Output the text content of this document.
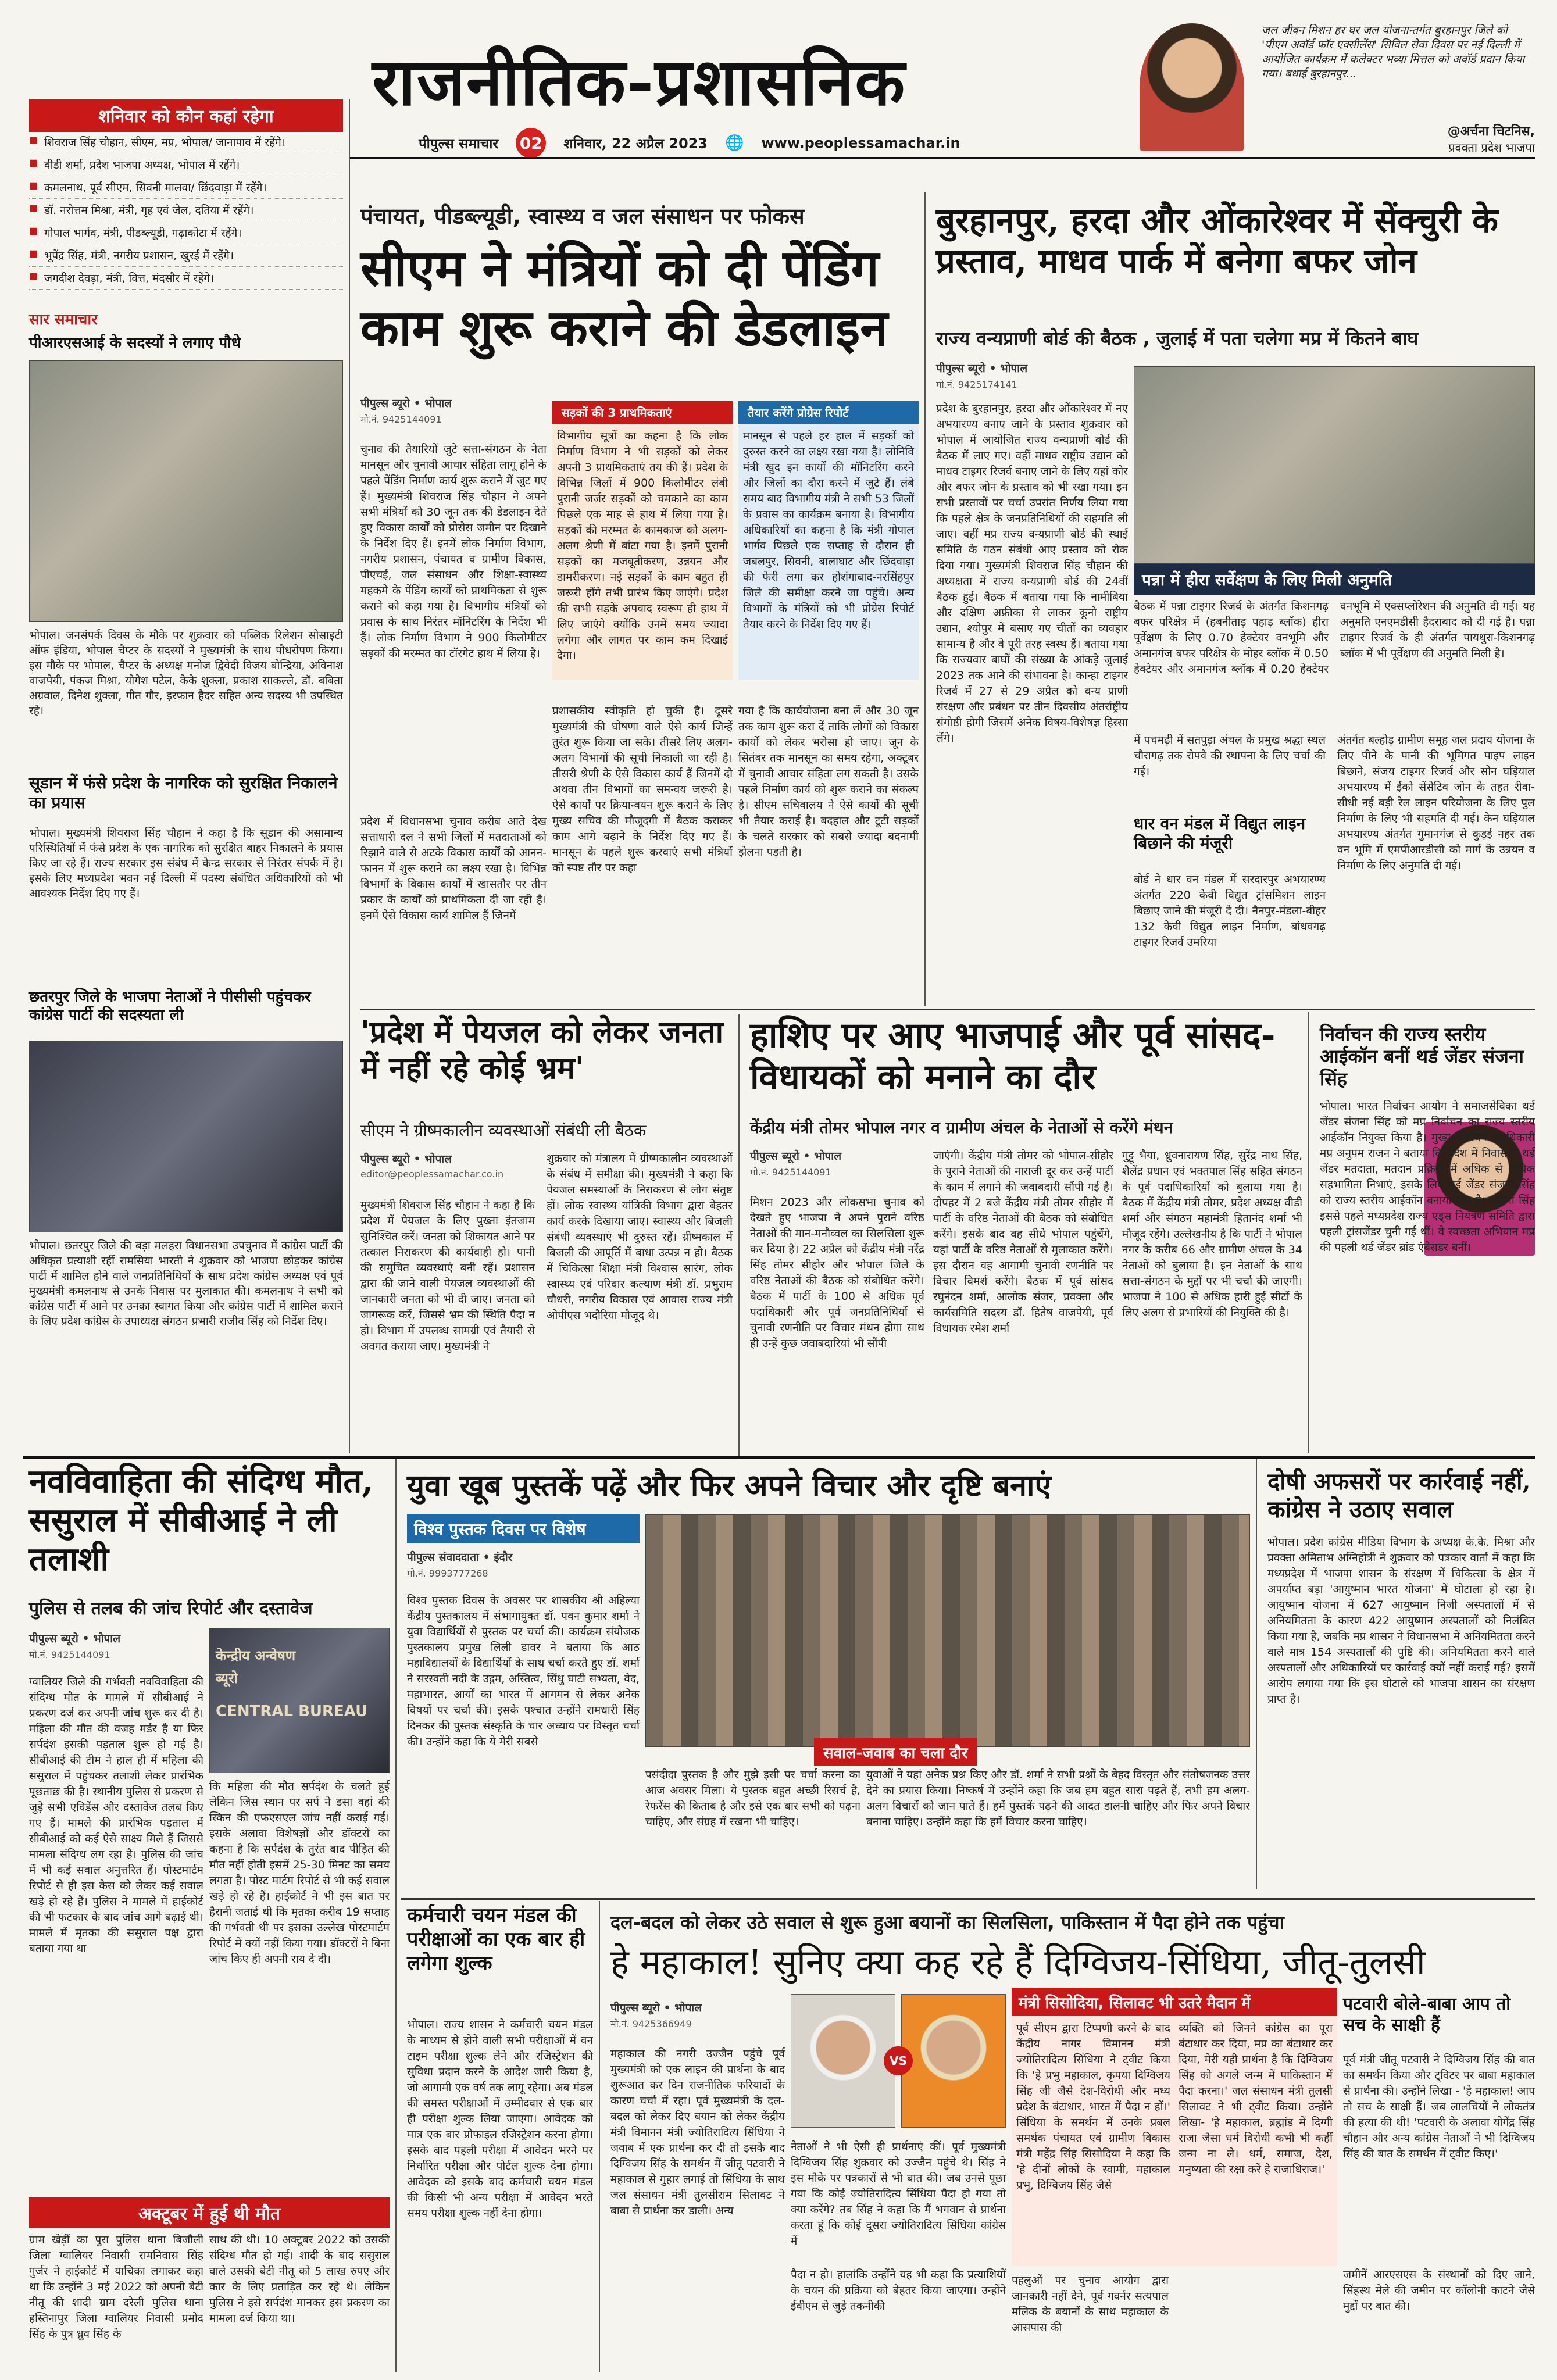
शनिवार को कौन कहां रहेगा	राजनीतिक-प्रशासनिक
पीपुल्स समाचार 02 शनिवार, 22 अप्रैल 2023 🌐 www.peoplessamachar.in
जल जीवन मिशन हर घर जल योजनान्तर्गत बुरहानपुर जिले को 'पीएम अवॉर्ड फॉर एक्सीलेंस' सिविल सेवा दिवस पर नई दिल्ली में आयोजित कार्यक्रम में कलेक्टर भव्या मित्तल को अवॉर्ड प्रदान किया गया। बधाई बुरहानपुर...
@अर्चना चिटनिस,
प्रवक्ता प्रदेश भाजपा
■ शिवराज सिंह चौहान, सीएम, मप्र, भोपाल/ जानापाव में रहेंगे।
■ वीडी शर्मा, प्रदेश भाजपा अध्यक्ष, भोपाल में रहेंगे।
■ कमलनाथ, पूर्व सीएम, सिवनी मालवा/ छिंदवाड़ा में रहेंगे।
■ डॉ. नरोत्तम मिश्रा, मंत्री, गृह एवं जेल, दतिया में रहेंगे।
■ गोपाल भार्गव, मंत्री, पीडब्ल्यूडी, गढ़ाकोटा में रहेंगे।
■ भूपेंद्र सिंह, मंत्री, नगरीय प्रशासन, खुरई में रहेंगे।
■ जगदीश देवड़ा, मंत्री, वित्त, मंदसौर में रहेंगे।
सार समाचार
पीआरएसआई के सदस्यों ने लगाए पौधे
भोपाल। जनसंपर्क दिवस के मौके पर शुक्रवार को पब्लिक रिलेशन सोसाइटी ऑफ इंडिया, भोपाल चैप्टर के सदस्यों ने मुख्यमंत्री के साथ पौधरोपण किया। इस मौके पर भोपाल, चैप्टर के अध्यक्ष मनोज द्विवेदी विजय बोन्द्रिया, अविनाश वाजपेयी, पंकज मिश्रा, योगेश पटेल, केके शुक्ला, प्रकाश साकल्ले, डॉ. बबिता अग्रवाल, दिनेश शुक्ला, गीत गौर, इरफान हैदर सहित अन्य सदस्य भी उपस्थित रहे।
सूडान में फंसे प्रदेश के नागरिक को सुरक्षित निकालने का प्रयास
भोपाल। मुख्यमंत्री शिवराज सिंह चौहान ने कहा है कि सूडान की असामान्य परिस्थितियों में फंसे प्रदेश के एक नागरिक को सुरक्षित बाहर निकालने के प्रयास किए जा रहे हैं। राज्य सरकार इस संबंध में केन्द्र सरकार से निरंतर संपर्क में है। इसके लिए मध्यप्रदेश भवन नई दिल्ली में पदस्थ संबंधित अधिकारियों को भी आवश्यक निर्देश दिए गए हैं।
छतरपुर जिले के भाजपा नेताओं ने पीसीसी पहुंचकर कांग्रेस पार्टी की सदस्यता ली
भोपाल। छतरपुर जिले की बड़ा मलहरा विधानसभा उपचुनाव में कांग्रेस पार्टी की अधिकृत प्रत्याशी रहीं रामसिया भारती ने शुक्रवार को भाजपा छोड़कर कांग्रेस पार्टी में शामिल होने वाले जनप्रतिनिधियों के साथ प्रदेश कांग्रेस अध्यक्ष एवं पूर्व मुख्यमंत्री कमलनाथ से उनके निवास पर मुलाकात की। कमलनाथ ने सभी को कांग्रेस पार्टी में आने पर उनका स्वागत किया और कांग्रेस पार्टी में शामिल कराने के लिए प्रदेश कांग्रेस के उपाध्यक्ष संगठन प्रभारी राजीव सिंह को निर्देश दिए।
पंचायत, पीडब्ल्यूडी, स्वास्थ्य व जल संसाधन पर फोकस
सीएम ने मंत्रियों को दी पेंडिंग काम शुरू कराने की डेडलाइन
पीपुल्स ब्यूरो • भोपाल
मो.नं. 9425144091
चुनाव की तैयारियों जुटे सत्ता-संगठन के नेता मानसून और चुनावी आचार संहिता लागू होने के पहले पेंडिंग निर्माण कार्य शुरू कराने में जुट गए हैं। मुख्यमंत्री शिवराज सिंह चौहान ने अपने सभी मंत्रियों को 30 जून तक की डेडलाइन देते हुए विकास कार्यों को प्रोसेस जमीन पर दिखाने के निर्देश दिए हैं। इनमें लोक निर्माण विभाग, नगरीय प्रशासन, पंचायत व ग्रामीण विकास, पीएचई, जल संसाधन और शिक्षा-स्वास्थ्य महकमे के पेंडिंग कार्यों को प्राथमिकता से शुरू कराने को कहा गया है। विभागीय मंत्रियों को प्रवास के साथ निरंतर मॉनिटरिंग के निर्देश भी हैं। लोक निर्माण विभाग ने 900 किलोमीटर सड़कों की मरम्मत का टॉरगेट हाथ में लिया है।
प्रदेश में विधानसभा चुनाव करीब आते देख सत्ताधारी दल ने सभी जिलों में मतदाताओं को रिझाने वाले से अटके विकास कार्यों को आनन-फानन में शुरू कराने का लक्ष्य रखा है। विभिन्न विभागों के विकास कार्यों में खासतौर पर तीन प्रकार के कार्यों को प्राथमिकता दी जा रही है। इनमें ऐसे विकास कार्य शामिल हैं जिनमें
सड़कों की 3 प्राथमिकताएं
विभागीय सूत्रों का कहना है कि लोक निर्माण विभाग ने भी सड़कों को लेकर अपनी 3 प्राथमिकताएं तय की हैं। प्रदेश के विभिन्न जिलों में 900 किलोमीटर लंबी पुरानी जर्जर सड़कों को चमकाने का काम पिछले एक माह से हाथ में लिया गया है। सड़कों की मरम्मत के कामकाज को अलग-अलग श्रेणी में बांटा गया है। इनमें पुरानी सड़कों का मजबूतीकरण, उन्नयन और डामरीकरण। नई सड़कों के काम बहुत ही जरूरी होंगे तभी प्रारंभ किए जाएंगे। प्रदेश की सभी सड़कें अपवाद स्वरूप ही हाथ में लिए जाएंगे क्योंकि उनमें समय ज्यादा लगेगा और लागत पर काम कम दिखाई देगा।
तैयार करेंगे प्रोग्रेस रिपोर्ट
मानसून से पहले हर हाल में सड़कों को दुरुस्त करने का लक्ष्य रखा गया है। लोनिवि मंत्री खुद इन कार्यों की मॉनिटरिंग करने और जिलों का दौरा करने में जुटे हैं। लंबे समय बाद विभागीय मंत्री ने सभी 53 जिलों के प्रवास का कार्यक्रम बनाया है। विभागीय अधिकारियों का कहना है कि मंत्री गोपाल भार्गव पिछले एक सप्ताह से दौरान ही जबलपुर, सिवनी, बालाघाट और छिंदवाड़ा की फेरी लगा कर होशंगाबाद-नरसिंहपुर जिले की समीक्षा करने जा पहुंचे। अन्य विभागों के मंत्रियों को भी प्रोग्रेस रिपोर्ट तैयार करने के निर्देश दिए गए हैं।
प्रशासकीय स्वीकृति हो चुकी है। दूसरे मुख्यमंत्री की घोषणा वाले ऐसे कार्य जिन्हें तुरंत शुरू किया जा सके। तीसरे लिए अलग-अलग विभागों की सूची निकाली जा रही है। तीसरी श्रेणी के ऐसे विकास कार्य हैं जिनमें दो अथवा तीन विभागों का समन्वय जरूरी है। ऐसे कार्यों पर क्रियान्वयन शुरू कराने के लिए मुख्य सचिव की मौजूदगी में बैठक कराकर काम आगे बढ़ाने के निर्देश दिए गए हैं। मानसून के पहले शुरू करवाएं सभी मंत्रियों को स्पष्ट तौर पर कहा
गया है कि कार्ययोजना बना लें और 30 जून तक काम शुरू करा दें ताकि लोगों को विकास कार्यों को लेकर भरोसा हो जाए। जून के सितंबर तक मानसून का समय रहेगा, अक्टूबर में चुनावी आचार संहिता लग सकती है। उसके पहले निर्माण कार्य को शुरू कराने का संकल्प है। सीएम सचिवालय ने ऐसे कार्यों की सूची भी तैयार कराई है। बदहाल और टूटी सड़कों के चलते सरकार को सबसे ज्यादा बदनामी झेलना पड़ती है।
बुरहानपुर, हरदा और ओंकारेश्वर में सेंक्चुरी के प्रस्ताव, माधव पार्क में बनेगा बफर जोन
राज्य वन्यप्राणी बोर्ड की बैठक , जुलाई में पता चलेगा मप्र में कितने बाघ
पीपुल्स ब्यूरो • भोपाल
मो.नं. 9425174141
प्रदेश के बुरहानपुर, हरदा और ओंकारेश्वर में नए अभयारण्य बनाए जाने के प्रस्ताव शुक्रवार को भोपाल में आयोजित राज्य वन्यप्राणी बोर्ड की बैठक में लाए गए। वहीं माधव राष्ट्रीय उद्यान को माधव टाइगर रिजर्व बनाए जाने के लिए यहां कोर और बफर जोन के प्रस्ताव को भी रखा गया। इन सभी प्रस्तावों पर चर्चा उपरांत निर्णय लिया गया कि पहले क्षेत्र के जनप्रतिनिधियों की सहमति ली जाए। वहीं मप्र राज्य वन्यप्राणी बोर्ड की स्थाई समिति के गठन संबंधी आए प्रस्ताव को रोक दिया गया। मुख्यमंत्री शिवराज सिंह चौहान की अध्यक्षता में राज्य वन्यप्राणी बोर्ड की 24वीं बैठक हुई। बैठक में बताया गया कि नामीबिया और दक्षिण अफ्रीका से लाकर कूनो राष्ट्रीय उद्यान, श्योपुर में बसाए गए चीतों का व्यवहार सामान्य है और वे पूरी तरह स्वस्थ हैं। बताया गया कि राज्यवार बाघों की संख्या के आंकड़े जुलाई 2023 तक आने की संभावना है। कान्हा टाइगर रिजर्व में 27 से 29 अप्रैल को वन्य प्राणी संरक्षण और प्रबंधन पर तीन दिवसीय अंतर्राष्ट्रीय संगोष्ठी होगी जिसमें अनेक विषय-विशेषज्ञ हिस्सा लेंगे।
पन्ना में हीरा सर्वेक्षण के लिए मिली अनुमति
बैठक में पन्ना टाइगर रिजर्व के अंतर्गत किशनगढ़ बफर परिक्षेत्र में (हबनीताड़ पहाड़ ब्लॉक) हीरा पूर्वेक्षण के लिए 0.70 हेक्टेयर वनभूमि और अमानगंज बफर परिक्षेत्र के मोहर ब्लॉक में 0.50 हेक्टेयर और अमानगंज ब्लॉक में 0.20 हेक्टेयर वनभूमि में एक्सप्लोरेशन की अनुमति दी गई। यह अनुमति एनएमडीसी हैदराबाद को दी गई है। पन्ना टाइगर रिजर्व के ही अंतर्गत पायथुरा-किशनगढ़ ब्लॉक में भी पूर्वेक्षण की अनुमति मिली है।
में पचमढ़ी में सतपुड़ा अंचल के प्रमुख श्रद्धा स्थल चौरागढ़ तक रोपवे की स्थापना के लिए चर्चा की गई।
धार वन मंडल में विद्युत लाइन बिछाने की मंजूरी
बोर्ड ने धार वन मंडल में सरदारपुर अभयारण्य अंतर्गत 220 केवी विद्युत ट्रांसमिशन लाइन बिछाए जाने की मंजूरी दे दी। नैनपुर-मंडला-बीहर 132 केवी विद्युत लाइन निर्माण, बांधवगढ़ टाइगर रिजर्व उमरिया
अंतर्गत बल्होड़ ग्रामीण समूह जल प्रदाय योजना के लिए पीने के पानी की भूमिगत पाइप लाइन बिछाने, संजय टाइगर रिजर्व और सोन घड़ियाल अभयारण्य में ईको सेंसेटिव जोन के तहत रीवा-सीधी नई बड़ी रेल लाइन परियोजना के लिए पुल निर्माण के लिए भी सहमति दी गई। केन घड़ियाल अभयारण्य अंतर्गत गुमानगंज से कुड़ई नहर तक वन भूमि में एमपीआरडीसी को मार्ग के उन्नयन व निर्माण के लिए अनुमति दी गई।
'प्रदेश में पेयजल को लेकर जनता में नहीं रहे कोई भ्रम'
सीएम ने ग्रीष्मकालीन व्यवस्थाओं संबंधी ली बैठक
पीपुल्स ब्यूरो • भोपाल
editor@peoplessamachar.co.in
मुख्यमंत्री शिवराज सिंह चौहान ने कहा है कि प्रदेश में पेयजल के लिए पुख्ता इंतजाम सुनिश्चित करें। जनता को शिकायत आने पर तत्काल निराकरण की कार्यवाही हो। पानी की समुचित व्यवस्थाएं बनी रहें। प्रशासन द्वारा की जाने वाली पेयजल व्यवस्थाओं की जानकारी जनता को भी दी जाए। जनता को जागरूक करें, जिससे भ्रम की स्थिति पैदा न हो। विभाग में उपलब्ध सामग्री एवं तैयारी से अवगत कराया जाए। मुख्यमंत्री ने
शुक्रवार को मंत्रालय में ग्रीष्मकालीन व्यवस्थाओं के संबंध में समीक्षा की। मुख्यमंत्री ने कहा कि पेयजल समस्याओं के निराकरण से लोग संतुष्ट हों। लोक स्वास्थ्य यांत्रिकी विभाग द्वारा बेहतर कार्य करके दिखाया जाए। स्वास्थ्य और बिजली संबंधी व्यवस्थाएं भी दुरुस्त रहें। ग्रीष्मकाल में बिजली की आपूर्ति में बाधा उत्पन्न न हो। बैठक में चिकित्सा शिक्षा मंत्री विश्वास सारंग, लोक स्वास्थ्य एवं परिवार कल्याण मंत्री डॉ. प्रभुराम चौधरी, नगरीय विकास एवं आवास राज्य मंत्री ओपीएस भदौरिया मौजूद थे।
हाशिए पर आए भाजपाई और पूर्व सांसद-विधायकों को मनाने का दौर
केंद्रीय मंत्री तोमर भोपाल नगर व ग्रामीण अंचल के नेताओं से करेंगे मंथन
पीपुल्स ब्यूरो • भोपाल
मो.नं. 9425144091
मिशन 2023 और लोकसभा चुनाव को देखते हुए भाजपा ने अपने पुराने वरिष्ठ नेताओं की मान-मनौव्वल का सिलसिला शुरू कर दिया है। 22 अप्रैल को केंद्रीय मंत्री नरेंद्र सिंह तोमर सीहोर और भोपाल जिले के वरिष्ठ नेताओं की बैठक को संबोधित करेंगे। बैठक में पार्टी के 100 से अधिक पूर्व पदाधिकारी और पूर्व जनप्रतिनिधियों से चुनावी रणनीति पर विचार मंथन होगा साथ ही उन्हें कुछ जवाबदारियां भी सौंपी
जाएंगी। केंद्रीय मंत्री तोमर को भोपाल-सीहोर के पुराने नेताओं की नाराजी दूर कर उन्हें पार्टी के काम में लगाने की जवाबदारी सौंपी गई है। दोपहर में 2 बजे केंद्रीय मंत्री तोमर सीहोर में पार्टी के वरिष्ठ नेताओं की बैठक को संबोधित करेंगे। इसके बाद वह सीधे भोपाल पहुंचेंगे, यहां पार्टी के वरिष्ठ नेताओं से मुलाकात करेंगे। इस दौरान वह आगामी चुनावी रणनीति पर विचार विमर्श करेंगे। बैठक में पूर्व सांसद रघुनंदन शर्मा, आलोक संजर, प्रवक्ता और कार्यसमिति सदस्य डॉ. हितेष वाजपेयी, पूर्व विधायक रमेश शर्मा
गुट्टू भैया, ध्रुवनारायण सिंह, सुरेंद्र नाथ सिंह, शैलेंद्र प्रधान एवं भक्तपाल सिंह सहित संगठन के पूर्व पदाधिकारियों को बुलाया गया है। बैठक में केंद्रीय मंत्री तोमर, प्रदेश अध्यक्ष वीडी शर्मा और संगठन महामंत्री हितानंद शर्मा भी मौजूद रहेंगे। उल्लेखनीय है कि पार्टी ने भोपाल नगर के करीब 66 और ग्रामीण अंचल के 34 नेताओं को बुलाया है। इन नेताओं के साथ सत्ता-संगठन के मुद्दों पर भी चर्चा की जाएगी। भाजपा ने 100 से अधिक हारी हुई सीटों के लिए अलग से प्रभारियों की नियुक्ति की है।
निर्वाचन की राज्य स्तरीय आईकॉन बनीं थर्ड जेंडर संजना सिंह
भोपाल। भारत निर्वाचन आयोग ने समाजसेविका थर्ड जेंडर संजना सिंह को मप्र निर्वाचन का राज्य स्तरीय आईकॉन नियुक्त किया है। मुख्य निर्वाचन पदाधिकारी मप्र अनुपम राजन ने बताया कि प्रदेश में निवासरत थर्ड जेंडर मतदाता, मतदान प्रक्रिया में अधिक से अधिक सहभागिता निभाएं, इसके लिए थर्ड जेंडर संजना सिंह को राज्य स्तरीय आईकॉन बनाया गया है। संजना सिंह इससे पहले मध्यप्रदेश राज्य एड्स नियंत्रण समिति द्वारा पहली ट्रांसजेंडर चुनी गई थीं। वे स्वच्छता अभियान मप्र की पहली थर्ड जेंडर ब्रांड एंबेसडर बनीं।
नवविवाहिता की संदिग्ध मौत, ससुराल में सीबीआई ने ली तलाशी
पुलिस से तलब की जांच रिपोर्ट और दस्तावेज
पीपुल्स ब्यूरो • भोपाल
मो.नं. 9425144091	केन्द्रीय अन्वेषण
ब्यूरो
CENTRAL BUREAU
ग्वालियर जिले की गर्भवती नवविवाहिता की संदिग्ध मौत के मामले में सीबीआई ने प्रकरण दर्ज कर अपनी जांच शुरू कर दी है। महिला की मौत की वजह मर्डर है या फिर सर्पदंश इसकी पड़ताल शुरू हो गई है। सीबीआई की टीम ने हाल ही में महिला की ससुराल में पहुंचकर तलाशी लेकर प्रारंभिक पूछताछ की है। स्थानीय पुलिस से प्रकरण से जुड़े सभी एविडेंस और दस्तावेज तलब किए गए हैं। मामले की प्रारंभिक पड़ताल में सीबीआई को कई ऐसे साक्ष्य मिले हैं जिससे मामला संदिग्ध लग रहा है। पुलिस की जांच में भी कई सवाल अनुत्तरित हैं। पोस्टमार्टम रिपोर्ट से ही इस केस को लेकर कई सवाल खड़े हो रहे हैं। पुलिस ने मामले में हाईकोर्ट की भी फटकार के बाद जांच आगे बढ़ाई थी। मामले में मृतका की ससुराल पक्ष द्वारा बताया गया था
कि महिला की मौत सर्पदंश के चलते हुई लेकिन जिस स्थान पर सर्प ने डसा वहां की स्किन की एफएसएल जांच नहीं कराई गई। इसके अलावा विशेषज्ञों और डॉक्टरों का कहना है कि सर्पदंश के तुरंत बाद पीड़ित की मौत नहीं होती इसमें 25-30 मिनट का समय लगता है। पोस्ट मार्टम रिपोर्ट से भी कई सवाल खड़े हो रहे हैं। हाईकोर्ट ने भी इस बात पर हैरानी जताई थी कि मृतका करीब 19 सप्ताह की गर्भवती थी पर इसका उल्लेख पोस्टमार्टम रिपोर्ट में क्यों नहीं किया गया। डॉक्टरों ने बिना जांच किए ही अपनी राय दे दी।
अक्टूबर में हुई थी मौत
ग्राम खेड़ीं का पुरा पुलिस थाना बिजौली जिला ग्वालियर निवासी रामनिवास सिंह गुर्जर ने हाईकोर्ट में याचिका लगाकर कहा था कि उन्होंने 3 मई 2022 को अपनी बेटी नीतू की शादी ग्राम दरेली पुलिस थाना हस्तिनापुर जिला ग्वालियर निवासी प्रमोद सिंह के पुत्र ध्रुव सिंह के
साथ की थी। 10 अक्टूबर 2022 को उसकी संदिग्ध मौत हो गई। शादी के बाद ससुराल वाले उसकी बेटी नीतू को 5 लाख रुपए और कार के लिए प्रताड़ित कर रहे थे। लेकिन पुलिस ने इसे सर्पदंश मानकर इस प्रकरण का मामला दर्ज किया था।
युवा खूब पुस्तकें पढ़ें और फिर अपने विचार और दृष्टि बनाएं
विश्व पुस्तक दिवस पर विशेष
पीपुल्स संवाददाता • इंदौर
मो.नं. 9993777268
विश्व पुस्तक दिवस के अवसर पर शासकीय श्री अहिल्या केंद्रीय पुस्तकालय में संभागायुक्त डॉ. पवन कुमार शर्मा ने युवा विद्यार्थियों से पुस्तक पर चर्चा की। कार्यक्रम संयोजक पुस्तकालय प्रमुख लिली डावर ने बताया कि आठ महाविद्यालयों के विद्यार्थियों के साथ चर्चा करते हुए डॉ. शर्मा ने सरस्वती नदी के उद्गम, अस्तित्व, सिंधु घाटी सभ्यता, वेद, महाभारत, आर्यों का भारत में आगमन से लेकर अनेक विषयों पर चर्चा की। इसके पश्चात उन्होंने रामधारी सिंह दिनकर की पुस्तक संस्कृति के चार अध्याय पर विस्तृत चर्चा की। उन्होंने कहा कि ये मेरी सबसे
सवाल-जवाब का चला दौर
पसंदीदा पुस्तक है और मुझे इसी पर चर्चा करना का आज अवसर मिला। ये पुस्तक बहुत अच्छी रिसर्च है, रेफरेंस की किताब है और इसे एक बार सभी को पढ़ना चाहिए, और संग्रह में रखना भी चाहिए।
युवाओं ने यहां अनेक प्रश्न किए और डॉ. शर्मा ने सभी प्रश्नों के बेहद विस्तृत और संतोषजनक उत्तर देने का प्रयास किया। निष्कर्ष में उन्होंने कहा कि जब हम बहुत सारा पढ़ते हैं, तभी हम अलग-अलग विचारों को जान पाते हैं। हमें पुस्तकें पढ़ने की आदत डालनी चाहिए और फिर अपने विचार बनाना चाहिए। उन्होंने कहा कि हमें विचार करना चाहिए।
दोषी अफसरों पर कार्रवाई नहीं, कांग्रेस ने उठाए सवाल
भोपाल। प्रदेश कांग्रेस मीडिया विभाग के अध्यक्ष के.के. मिश्रा और प्रवक्ता अमिताभ अग्निहोत्री ने शुक्रवार को पत्रकार वार्ता में कहा कि मध्यप्रदेश में भाजपा शासन के संरक्षण में चिकित्सा के क्षेत्र में अपर्याप्त बड़ा 'आयुष्मान भारत योजना' में घोटाला हो रहा है। आयुष्मान योजना में 627 आयुष्मान निजी अस्पतालों में से अनियमितता के कारण 422 आयुष्मान अस्पतालों को निलंबित किया गया है, जबकि मप्र शासन ने विधानसभा में अनियमितता करने वाले मात्र 154 अस्पतालों की पुष्टि की। अनियमितता करने वाले अस्पतालों और अधिकारियों पर कार्रवाई क्यों नहीं कराई गई? इसमें आरोप लगाया गया कि इस घोटाले को भाजपा शासन का संरक्षण प्राप्त है।
कर्मचारी चयन मंडल की परीक्षाओं का एक बार ही लगेगा शुल्क
भोपाल। राज्य शासन ने कर्मचारी चयन मंडल के माध्यम से होने वाली सभी परीक्षाओं में वन टाइम परीक्षा शुल्क लेने और रजिस्ट्रेशन की सुविधा प्रदान करने के आदेश जारी किया है, जो आगामी एक वर्ष तक लागू रहेगा। अब मंडल की समस्त परीक्षाओं में उम्मीदवार से एक बार ही परीक्षा शुल्क लिया जाएगा। आवेदक को मात्र एक बार प्रोफाइल रजिस्ट्रेशन करना होगा। इसके बाद पहली परीक्षा में आवेदन भरने पर निर्धारित परीक्षा और पोर्टल शुल्क देना होगा। आवेदक को इसके बाद कर्मचारी चयन मंडल की किसी भी अन्य परीक्षा में आवेदन भरते समय परीक्षा शुल्क नहीं देना होगा।
दल-बदल को लेकर उठे सवाल से शुरू हुआ बयानों का सिलसिला, पाकिस्तान में पैदा होने तक पहुंचा
हे महाकाल! सुनिए क्या कह रहे हैं दिग्विजय-सिंधिया, जीतू-तुलसी
पीपुल्स ब्यूरो • भोपाल
मो.नं. 9425366949
VS
महाकाल की नगरी उज्जैन पहुंचे पूर्व मुख्यमंत्री को एक लाइन की प्रार्थना के बाद शुरूआत कर दिन राजनीतिक फरियादों के कारण चर्चा में रहा। पूर्व मुख्यमंत्री के दल-बदल को लेकर दिए बयान को लेकर केंद्रीय मंत्री विमानन मंत्री ज्योतिरादित्य सिंधिया ने जवाब में एक प्रार्थना कर दी तो इसके बाद दिग्विजय सिंह के समर्थन में जीतू पटवारी ने महाकाल से गुहार लगाई तो सिंधिया के साथ जल संसाधन मंत्री तुलसीराम सिलावट ने बाबा से प्रार्थना कर डाली। अन्य
नेताओं ने भी ऐसी ही प्रार्थनाएं कीं। पूर्व मुख्यमंत्री दिग्विजय सिंह शुक्रवार को उज्जैन पहुंचे थे। सिंह ने इस मौके पर पत्रकारों से भी बात की। जब उनसे पूछा गया कि कोई ज्योतिरादित्य सिंधिया पैदा हो गया तो क्या करेंगे? तब सिंह ने कहा कि मैं भगवान से प्रार्थना करता हूं कि कोई दूसरा ज्योतिरादित्य सिंधिया कांग्रेस में
पैदा न हो। हालांकि उन्होंने यह भी कहा कि प्रत्याशियों के चयन की प्रक्रिया को बेहतर किया जाएगा। उन्होंने ईवीएम से जुड़े तकनीकी
मंत्री सिसोदिया, सिलावट भी उतरे मैदान में
पूर्व सीएम द्वारा टिप्पणी करने के बाद केंद्रीय नागर विमानन मंत्री ज्योतिरादित्य सिंधिया ने ट्वीट किया कि 'हे प्रभु महाकाल, कृपया दिग्विजय सिंह जी जैसे देश-विरोधी और मध्य प्रदेश के बंटाधार, भारत में पैदा न हों।' सिंधिया के समर्थन में उनके प्रबल समर्थक पंचायत एवं ग्रामीण विकास मंत्री महेंद्र सिंह सिसोदिया ने कहा कि 'हे दीनों लोकों के स्वामी, महाकाल प्रभु, दिग्विजय सिंह जैसे
व्यक्ति को जिनने कांग्रेस का पूरा बंटाधार कर दिया, मप्र का बंटाधार कर दिया, मेरी यही प्रार्थना है कि दिग्विजय सिंह को अगले जन्म में पाकिस्तान में पैदा करना।' जल संसाधन मंत्री तुलसी सिलावट ने भी ट्वीट किया। उन्होंने लिखा- 'हे महाकाल, ब्रह्मांड में दिग्गी राजा जैसा धर्म विरोधी कभी भी कहीं जन्म ना ले। धर्म, समाज, देश, मनुष्यता की रक्षा करें हे राजाधिराज।'
पहलुओं पर चुनाव आयोग द्वारा जानकारी नहीं देने, पूर्व गवर्नर सत्यपाल मलिक के बयानों के साथ महाकाल के आसपास की
जमीनें आरएसएस के संस्थानों को दिए जाने, सिंहस्थ मेले की जमीन पर कॉलोनी काटने जैसे मुद्दों पर बात की।
पटवारी बोले-बाबा आप तो सच के साक्षी हैं
पूर्व मंत्री जीतू पटवारी ने दिग्विजय सिंह की बात का समर्थन किया और ट्विटर पर बाबा महाकाल से प्रार्थना की। उन्होंने लिखा - 'हे महाकाल! आप तो सच के साक्षी हैं। जब लालचियों ने लोकतंत्र की हत्या की थी! 'पटवारी के अलावा योगेंद्र सिंह चौहान और अन्य कांग्रेस नेताओं ने भी दिग्विजय सिंह की बात के समर्थन में ट्वीट किए।'
